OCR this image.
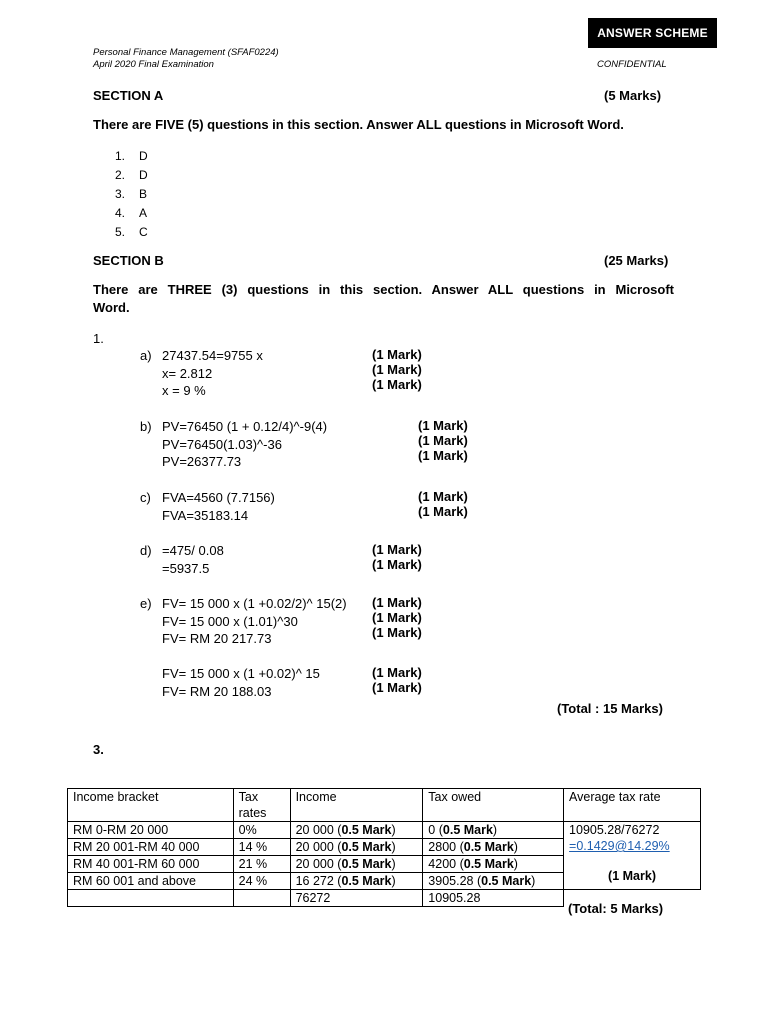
ANSWER SCHEME
Personal Finance Management (SFAF0224)
April 2020 Final Examination	CONFIDENTIAL
SECTION A	(5 Marks)
There are FIVE (5) questions in this section. Answer ALL questions in Microsoft Word.
1.	D
2.	D
3.	B
4.	A
5.	C
SECTION B	(25 Marks)
There are THREE (3) questions in this section. Answer ALL questions in Microsoft
Word.
1.
a) 27437.54=9755 x
x= 2.812
x = 9 %
(1 Mark)
(1 Mark)
(1 Mark)
b) PV=76450 (1 + 0.12/4)^-9(4)
PV=76450(1.03)^-36
PV=26377.73
(1 Mark)
(1 Mark)
(1 Mark)
c) FVA=4560 (7.7156)
FVA=35183.14
(1 Mark)
(1 Mark)
d) =475/ 0.08
=5937.5
(1 Mark)
(1 Mark)
e) FV= 15 000 x (1 +0.02/2)^ 15(2)
FV= 15 000 x (1.01)^30
FV= RM 20 217.73
(1 Mark)
(1 Mark)
(1 Mark)
FV= 15 000 x (1 +0.02)^ 15
FV= RM 20 188.03
(1 Mark)
(1 Mark)
(Total : 15 Marks)
3.
Income bracket	Tax rates	Income	Tax owed	Average tax rate
RM 0-RM 20 000	0%	20 000 (0.5 Mark)	0 (0.5 Mark)	10905.28/76272
=0.1429@14.29%
(1 Mark)

RM 20 001-RM 40 000	14 %	20 000 (0.5 Mark)	2800 (0.5 Mark)	
RM 40 001-RM 60 000	21 %	20 000 (0.5 Mark)	4200 (0.5 Mark)	
RM 60 001 and above	24 %	16 272 (0.5 Mark)	3905.28 (0.5 Mark)	
		76272	10905.28	
(Total: 5 Marks)
